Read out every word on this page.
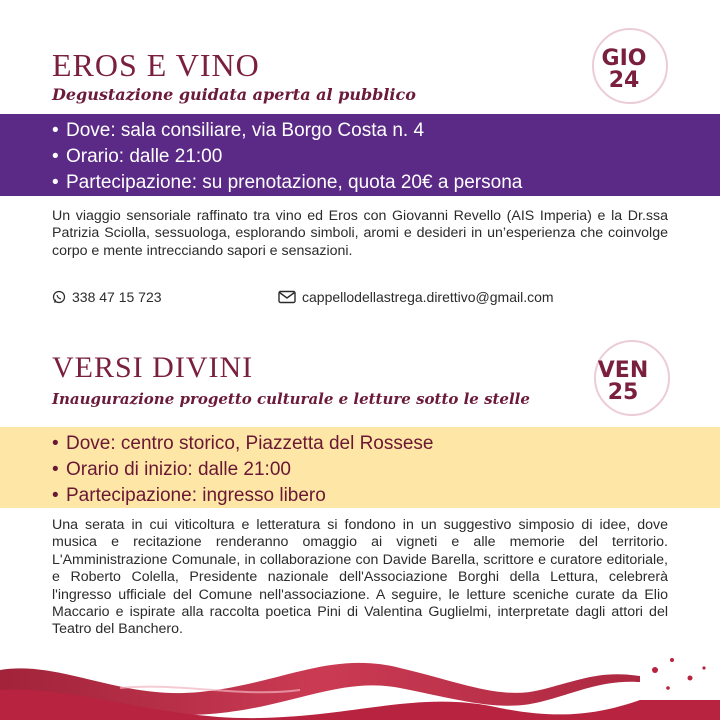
GIO
24
EROS E VINO
Degustazione guidata aperta al pubblico
• Dove: sala consiliare, via Borgo Costa n. 4
• Orario: dalle 21:00
• Partecipazione: su prenotazione, quota 20€ a persona

Un viaggio sensoriale raffinato tra vino ed Eros con Giovanni Revello (AIS Imperia) e la Dr.ssa Patrizia Sciolla, sessuologa, esplorando simboli, aromi e desideri in un’esperienza che coinvolge corpo e mente intrecciando sapori e sensazioni.

338 47 15 723	cappellodellastrega.direttivo@gmail.com
VEN
25
VERSI DIVINI
Inaugurazione progetto culturale e letture sotto le stelle
• Dove: centro storico, Piazzetta del Rossese
• Orario di inizio: dalle 21:00
• Partecipazione: ingresso libero

Una serata in cui viticoltura e letteratura si fondono in un suggestivo simposio di idee, dove musica e recitazione renderanno omaggio ai vigneti e alle memorie del territorio. L'Amministrazione Comunale, in collaborazione con Davide Barella, scrittore e curatore editoriale, e Roberto Colella, Presidente nazionale dell'Associazione Borghi della Lettura, celebrerà l'ingresso ufficiale del Comune nell'associazione. A seguire, le letture sceniche curate da Elio Maccario e ispirate alla raccolta poetica Pini di Valentina Guglielmi, interpretate dagli attori del Teatro del Banchero.
